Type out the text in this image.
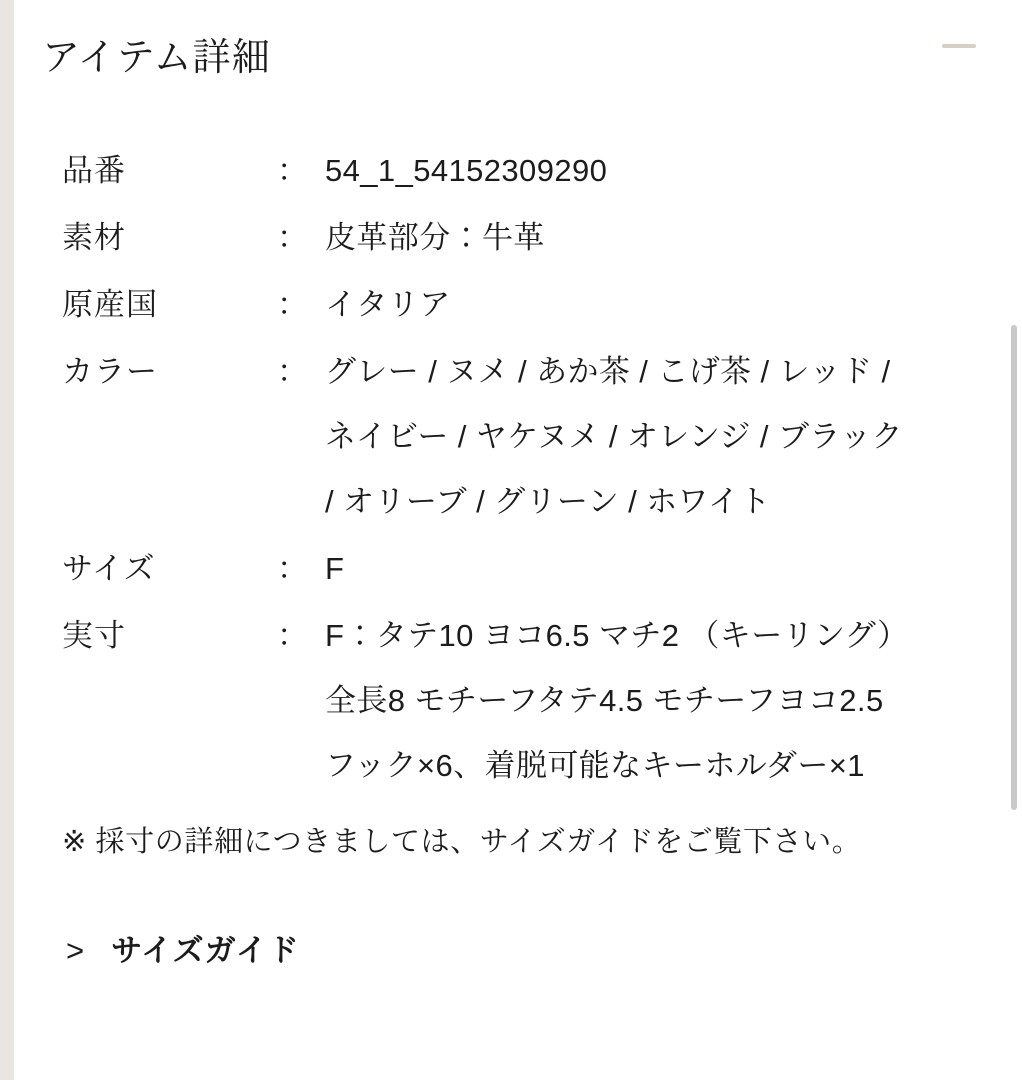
アイテム詳細
品番	： 54_1_54152309290
素材	： 皮革部分：牛革
原産国	： イタリア
カラー	： グレー / ヌメ / あか茶 / こげ茶 / レッド /
ネイビー / ヤケヌメ / オレンジ / ブラック
/ オリーブ / グリーン / ホワイト
サイズ	： F
実寸	： F：タテ10 ヨコ6.5 マチ2 （キーリング）
全長8 モチーフタテ4.5 モチーフヨコ2.5
フック×6、着脱可能なキーホルダー×1
※ 採寸の詳細につきましては、サイズガイドをご覧下さい。
> サイズガイド
